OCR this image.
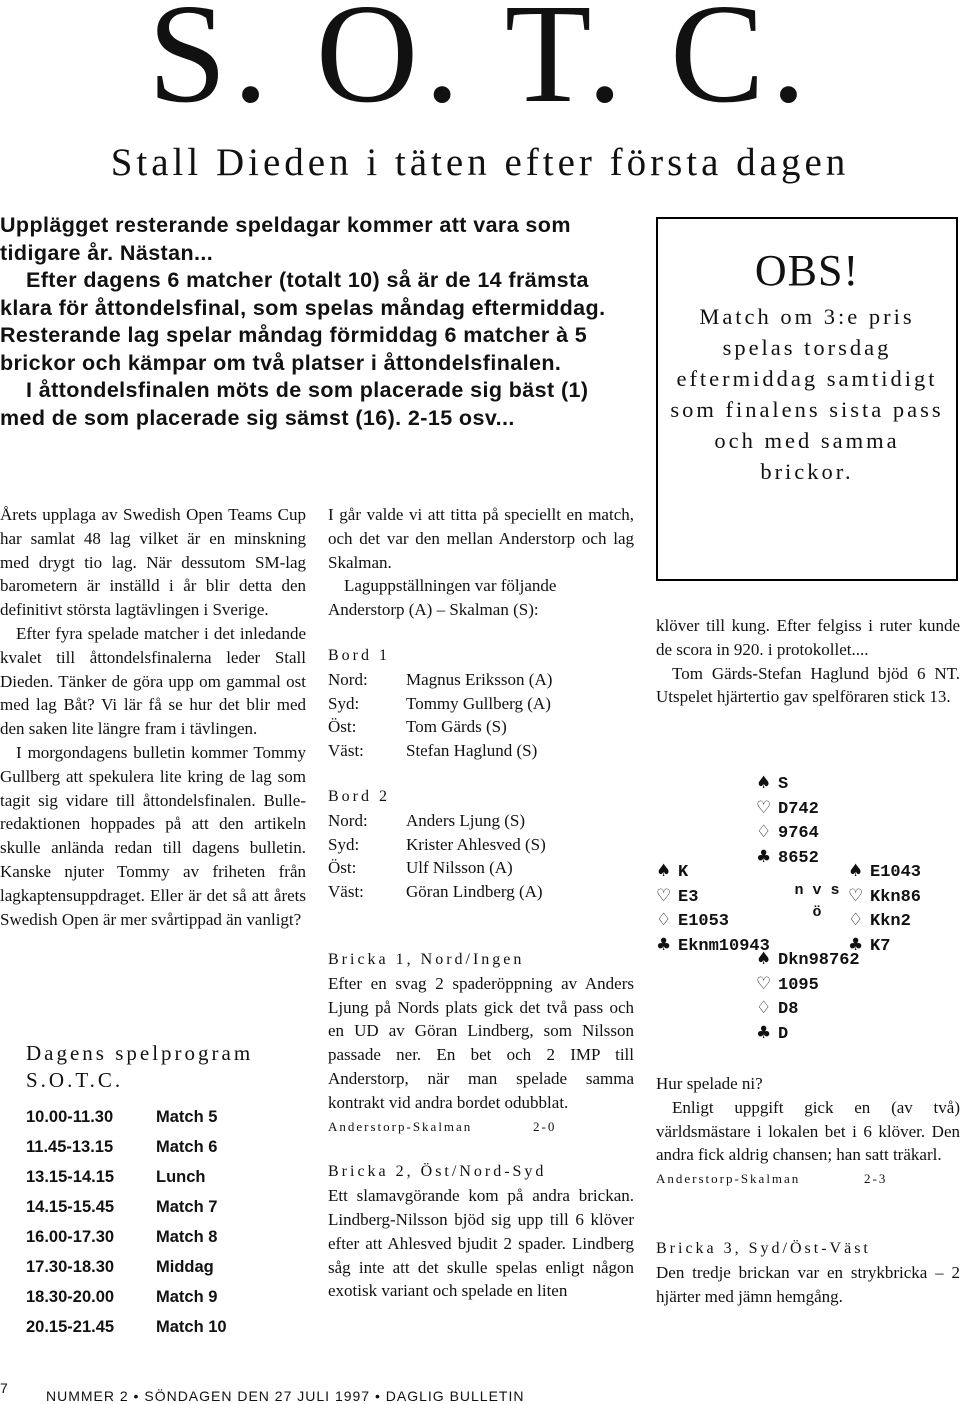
S. O. T. C.
Stall Dieden i täten efter första dagen

Upplägget resterande speldagar kommer att vara som tidigare år. Nästan...

Efter dagens 6 matcher (totalt 10) så är de 14 främsta klara för åttondelsfinal, som spelas måndag eftermiddag. Resterande lag spelar måndag förmiddag 6 matcher à 5 brickor och kämpar om två platser i åttondelsfinalen.

I åttondelsfinalen möts de som placerade sig bäst (1) med de som placerade sig sämst (16). 2-15 osv...

OBS!
Match om 3:e pris spelas torsdag eftermiddag samtidigt som finalens sista pass och med samma brickor.

Årets upplaga av Swedish Open Teams Cup har samlat 48 lag vilket är en minskning med drygt tio lag. När dessutom SM-lag barometern är inställd i år blir detta den definitivt största lagtävlingen i Sverige.

Efter fyra spelade matcher i det inledande kvalet till åttondelsfinalerna leder Stall Dieden. Tänker de göra upp om gammal ost med lag Båt? Vi lär få se hur det blir med den saken lite längre fram i tävlingen.

I morgondagens bulletin kommer Tommy Gullberg att spekulera lite kring de lag som tagit sig vidare till åttondelsfinalen. Bulle-redaktionen hoppades på att den artikeln skulle anlända redan till dagens bulletin. Kanske njuter Tommy av friheten från lagkaptensuppdraget. Eller är det så att årets Swedish Open är mer svårtippad än vanligt?

Dagens spelprogram S.O.T.C.
10.00-11.30	Match 5
11.45-13.15	Match 6
13.15-14.15	Lunch
14.15-15.45	Match 7
16.00-17.30	Match 8
17.30-18.30	Middag
18.30-20.00	Match 9
20.15-21.45	Match 10

I går valde vi att titta på speciellt en match, och det var den mellan Anderstorp och lag Skalman.

Laguppställningen var följande Anderstorp (A) – Skalman (S):

Bord 1
Nord:	Magnus Eriksson (A)
Syd:	Tommy Gullberg (A)
Öst:	Tom Gärds (S)
Väst:	Stefan Haglund (S)
Bord 2
Nord:	Anders Ljung (S)
Syd:	Krister Ahlesved (S)
Öst:	Ulf Nilsson (A)
Väst:	Göran Lindberg (A)
Bricka 1, Nord/Ingen

Efter en svag 2 spaderöppning av Anders Ljung på Nords plats gick det två pass och en UD av Göran Lindberg, som Nilsson passade ner. En bet och 2 IMP till Anderstorp, när man spelade samma kontrakt vid andra bordet odubblat.

Anderstorp-Skalman	2-0
Bricka 2, Öst/Nord-Syd

Ett slamavgörande kom på andra brickan. Lindberg-Nilsson bjöd sig upp till 6 klöver efter att Ahlesved bjudit 2 spader. Lindberg såg inte att det skulle spelas enligt någon exotisk variant och spelade en liten

klöver till kung. Efter felgiss i ruter kunde de scora in 920. i protokollet....

Tom Gärds-Stefan Haglund bjöd 6 NT. Utspelet hjärtertio gav spelföraren stick 13.

♠ S
♡ D742
♢ 9764
♣ 8652
♠ K
♡ E3
♢ E1053
♣ Eknm10943
♠ E1043
♡ Kkn86
♢ Kkn2
♣ K7
♠ Dkn98762
♡ 1095
♢ D8
♣ D
n v s ö

Hur spelade ni?

Enligt uppgift gick en (av två) världsmästare i lokalen bet i 6 klöver. Den andra fick aldrig chansen; han satt träkarl.

Anderstorp-Skalman	2-3
Bricka 3, Syd/Öst-Väst

Den tredje brickan var en strykbricka – 2 hjärter med jämn hemgång.

7	NUMMER 2 • SÖNDAGEN DEN 27 JULI 1997 • DAGLIG BULLETIN
